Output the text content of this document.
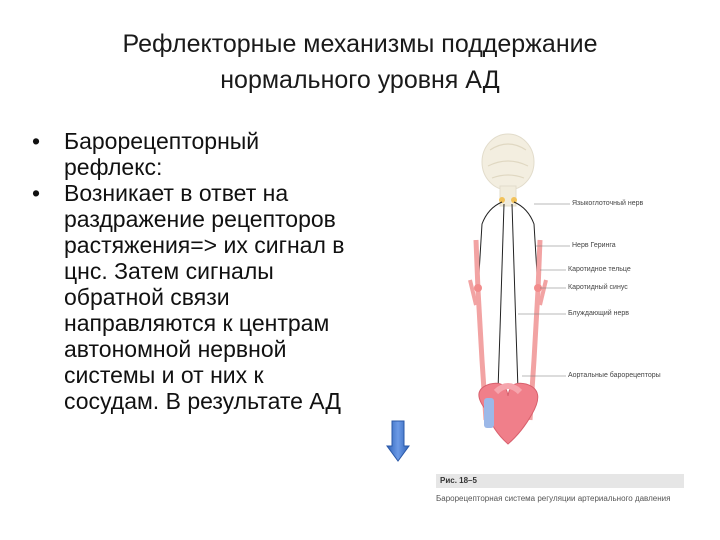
Рефлекторные механизмы поддержание
нормального уровня АД
• Барорецепторный
рефлекс:
• Возникает в ответ на
раздражение рецепторов
растяжения=> их сигнал в
цнс. Затем сигналы
обратной связи
направляются к центрам
автономной нервной
системы и от них к
сосудам. В результате АД
Языкоглоточный нерв
Нерв Геринга
Каротидное тельце
Каротидный синус
Блуждающий нерв
Аортальные барорецепторы
Рис. 18–5
Барорецепторная система регуляции артериального давления
